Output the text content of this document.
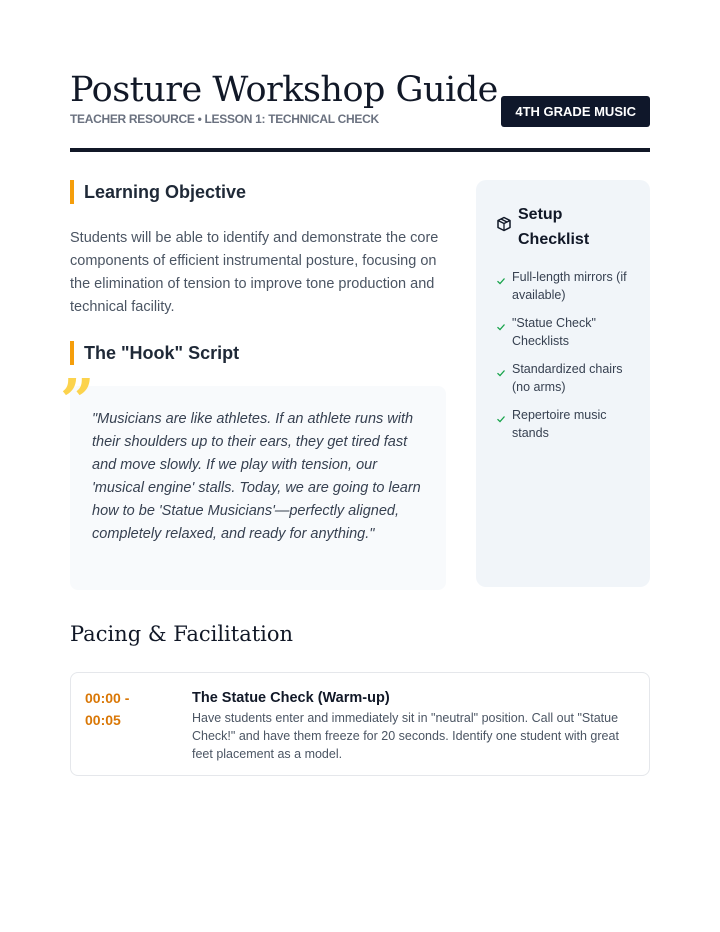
Posture Workshop Guide
TEACHER RESOURCE • LESSON 1: TECHNICAL CHECK	4TH GRADE MUSIC
Learning Objective

Students will be able to identify and demonstrate the core components of efficient instrumental posture, focusing on the elimination of tension to improve tone production and technical facility.

The "Hook" Script
”

"Musicians are like athletes. If an athlete runs with their shoulders up to their ears, they get tired fast and move slowly. If we play with tension, our 'musical engine' stalls. Today, we are going to learn how to be 'Statue Musicians'—perfectly aligned, completely relaxed, and ready for anything."

Setup Checklist
Full-length mirrors (if available)
"Statue Check" Checklists
Standardized chairs (no arms)
Repertoire music stands
Pacing & Facilitation
00:00 - 00:05
The Statue Check (Warm-up)

Have students enter and immediately sit in "neutral" position. Call out "Statue Check!" and have them freeze for 20 seconds. Identify one student with great feet placement as a model.
